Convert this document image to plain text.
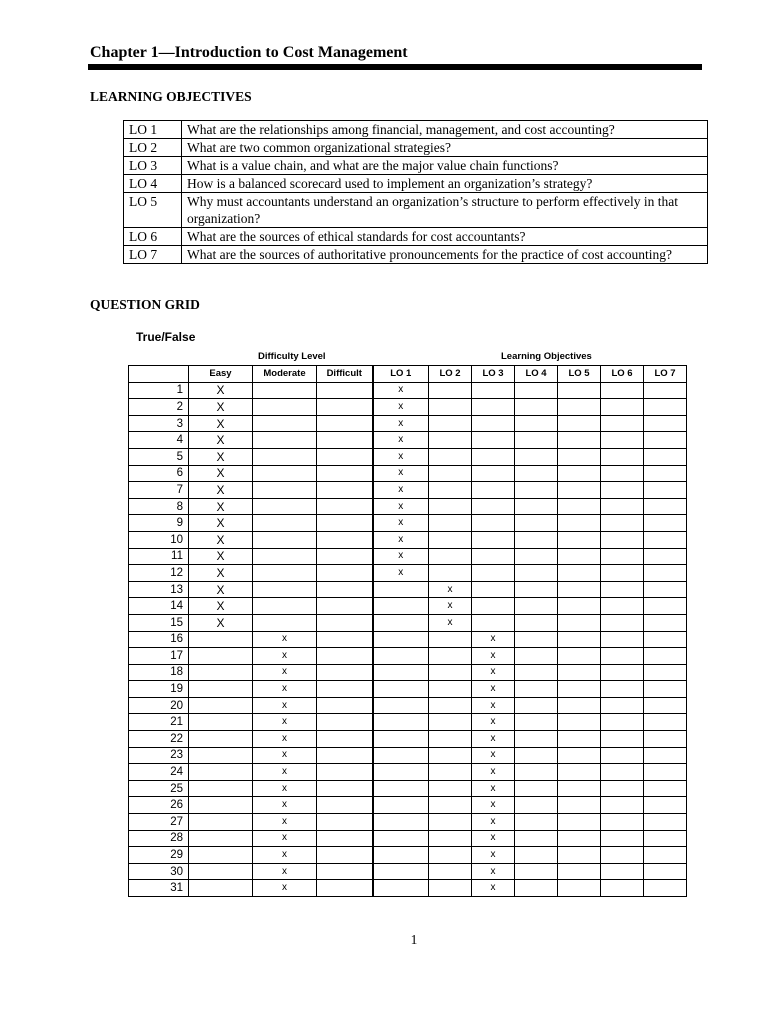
Chapter 1—Introduction to Cost Management
LEARNING OBJECTIVES
LO 1	What are the relationships among financial, management, and cost accounting?
LO 2	What are two common organizational strategies?
LO 3	What is a value chain, and what are the major value chain functions?
LO 4	How is a balanced scorecard used to implement an organization’s strategy?
LO 5	Why must accountants understand an organization’s structure to perform effectively in that organization?
LO 6	What are the sources of ethical standards for cost accountants?
LO 7	What are the sources of authoritative pronouncements for the practice of cost accounting?
QUESTION GRID
True/False
Difficulty Level	Learning Objectives
	Easy	Moderate	Difficult	LO 1	LO 2	LO 3	LO 4	LO 5	LO 6	LO 7
1	X			x						
2	X			x						
3	X			x						
4	X			x						
5	X			x						
6	X			x						
7	X			x						
8	X			x						
9	X			x						
10	X			x						
11	X			x						
12	X			x						
13	X				x					
14	X				x					
15	X				x					
16		x				x				
17		x				x				
18		x				x				
19		x				x				
20		x				x				
21		x				x				
22		x				x				
23		x				x				
24		x				x				
25		x				x				
26		x				x				
27		x				x				
28		x				x				
29		x				x				
30		x				x				
31		x				x				
1
